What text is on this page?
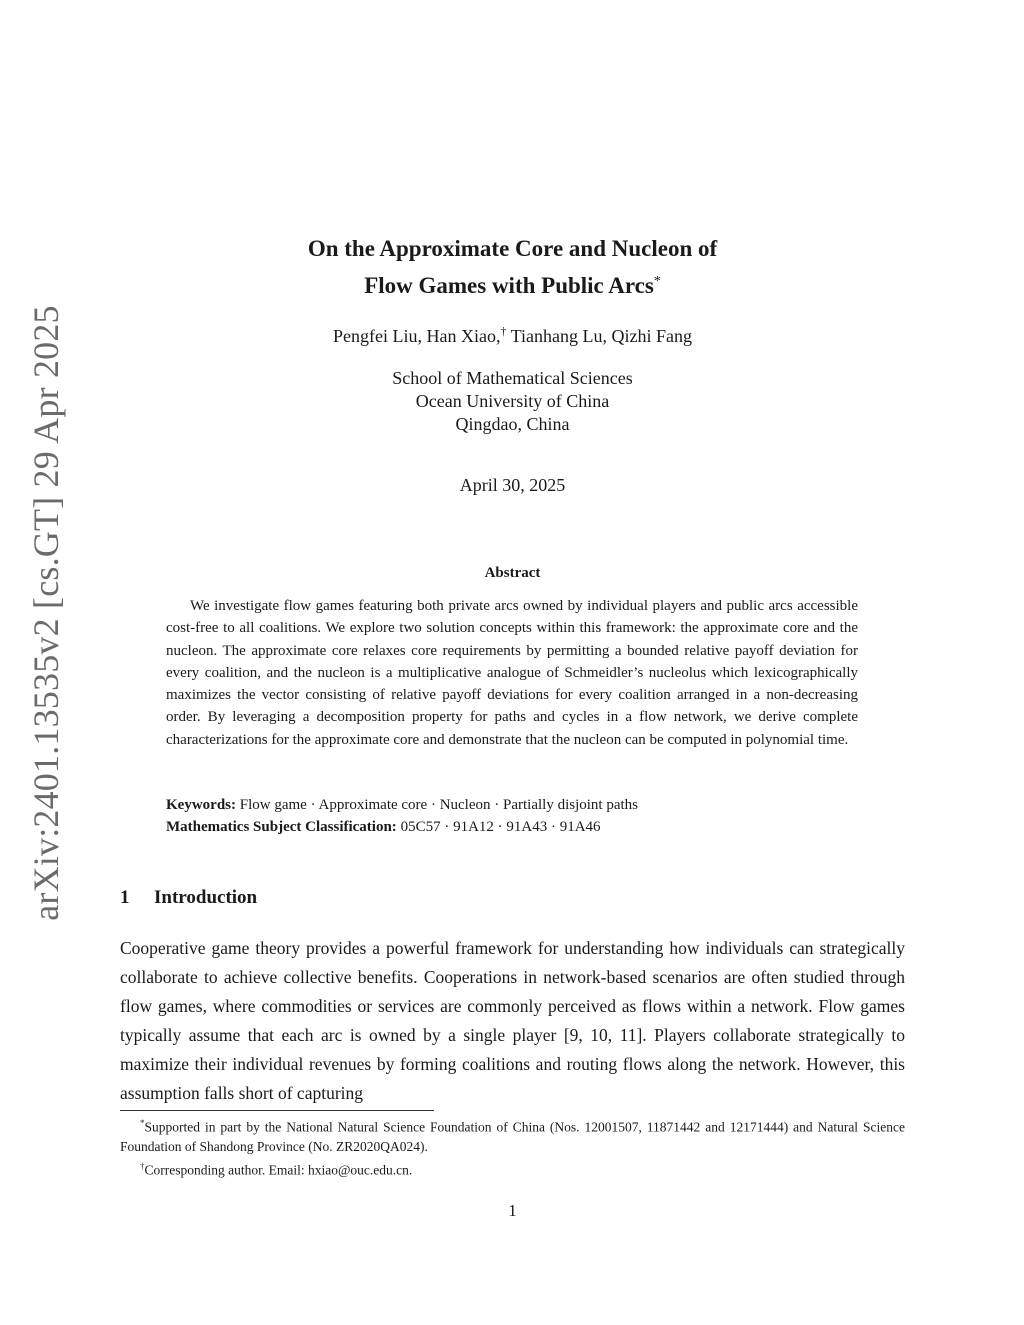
arXiv:2401.13535v2 [cs.GT] 29 Apr 2025
On the Approximate Core and Nucleon of
Flow Games with Public Arcs*
Pengfei Liu, Han Xiao,† Tianhang Lu, Qizhi Fang
School of Mathematical Sciences
Ocean University of China
Qingdao, China
April 30, 2025
Abstract

We investigate flow games featuring both private arcs owned by individual players and public arcs accessible cost-free to all coalitions. We explore two solution concepts within this framework: the approximate core and the nucleon. The approximate core relaxes core requirements by permitting a bounded relative payoff deviation for every coalition, and the nucleon is a multiplicative analogue of Schmeidler’s nucleolus which lexicographically maximizes the vector consisting of relative payoff deviations for every coalition arranged in a non-decreasing order. By leveraging a decomposition property for paths and cycles in a flow network, we derive complete characterizations for the approximate core and demonstrate that the nucleon can be computed in polynomial time.

Keywords: Flow game · Approximate core · Nucleon · Partially disjoint paths
Mathematics Subject Classification: 05C57 · 91A12 · 91A43 · 91A46
1 Introduction

Cooperative game theory provides a powerful framework for understanding how individuals can strategically collaborate to achieve collective benefits. Cooperations in network-based scenarios are often studied through flow games, where commodities or services are commonly perceived as flows within a network. Flow games typically assume that each arc is owned by a single player [9, 10, 11]. Players collaborate strategically to maximize their individual revenues by forming coalitions and routing flows along the network. However, this assumption falls short of capturing

*Supported in part by the National Natural Science Foundation of China (Nos. 12001507, 11871442 and 12171444) and Natural Science Foundation of Shandong Province (No. ZR2020QA024).

†Corresponding author. Email: hxiao@ouc.edu.cn.

1
